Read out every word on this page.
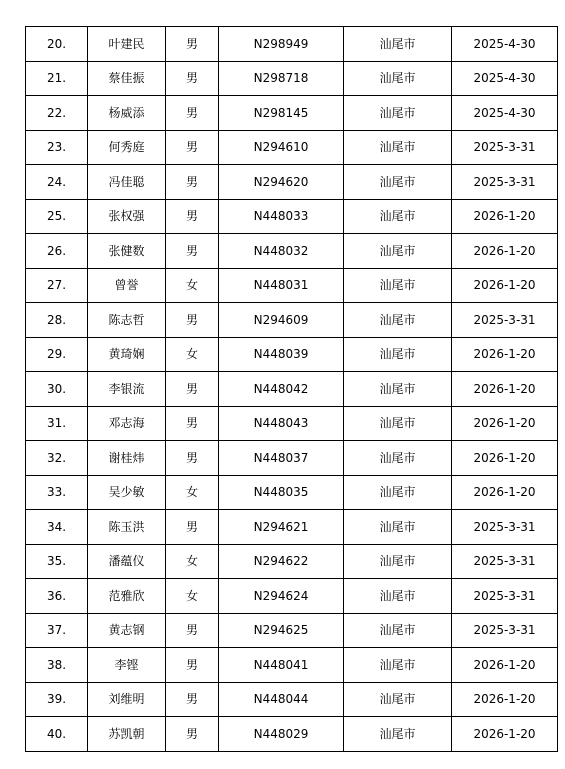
20.	叶建民	男	N298949	汕尾市	2025-4-30
21.	蔡佳振	男	N298718	汕尾市	2025-4-30
22.	杨威添	男	N298145	汕尾市	2025-4-30
23.	何秀庭	男	N294610	汕尾市	2025-3-31
24.	冯佳聪	男	N294620	汕尾市	2025-3-31
25.	张权强	男	N448033	汕尾市	2026-1-20
26.	张健数	男	N448032	汕尾市	2026-1-20
27.	曾誉	女	N448031	汕尾市	2026-1-20
28.	陈志哲	男	N294609	汕尾市	2025-3-31
29.	黄琦娴	女	N448039	汕尾市	2026-1-20
30.	李银流	男	N448042	汕尾市	2026-1-20
31.	邓志海	男	N448043	汕尾市	2026-1-20
32.	谢桂炜	男	N448037	汕尾市	2026-1-20
33.	吴少敏	女	N448035	汕尾市	2026-1-20
34.	陈玉洪	男	N294621	汕尾市	2025-3-31
35.	潘蕴仪	女	N294622	汕尾市	2025-3-31
36.	范雅欣	女	N294624	汕尾市	2025-3-31
37.	黄志钢	男	N294625	汕尾市	2025-3-31
38.	李铿	男	N448041	汕尾市	2026-1-20
39.	刘维明	男	N448044	汕尾市	2026-1-20
40.	苏凯朝	男	N448029	汕尾市	2026-1-20
